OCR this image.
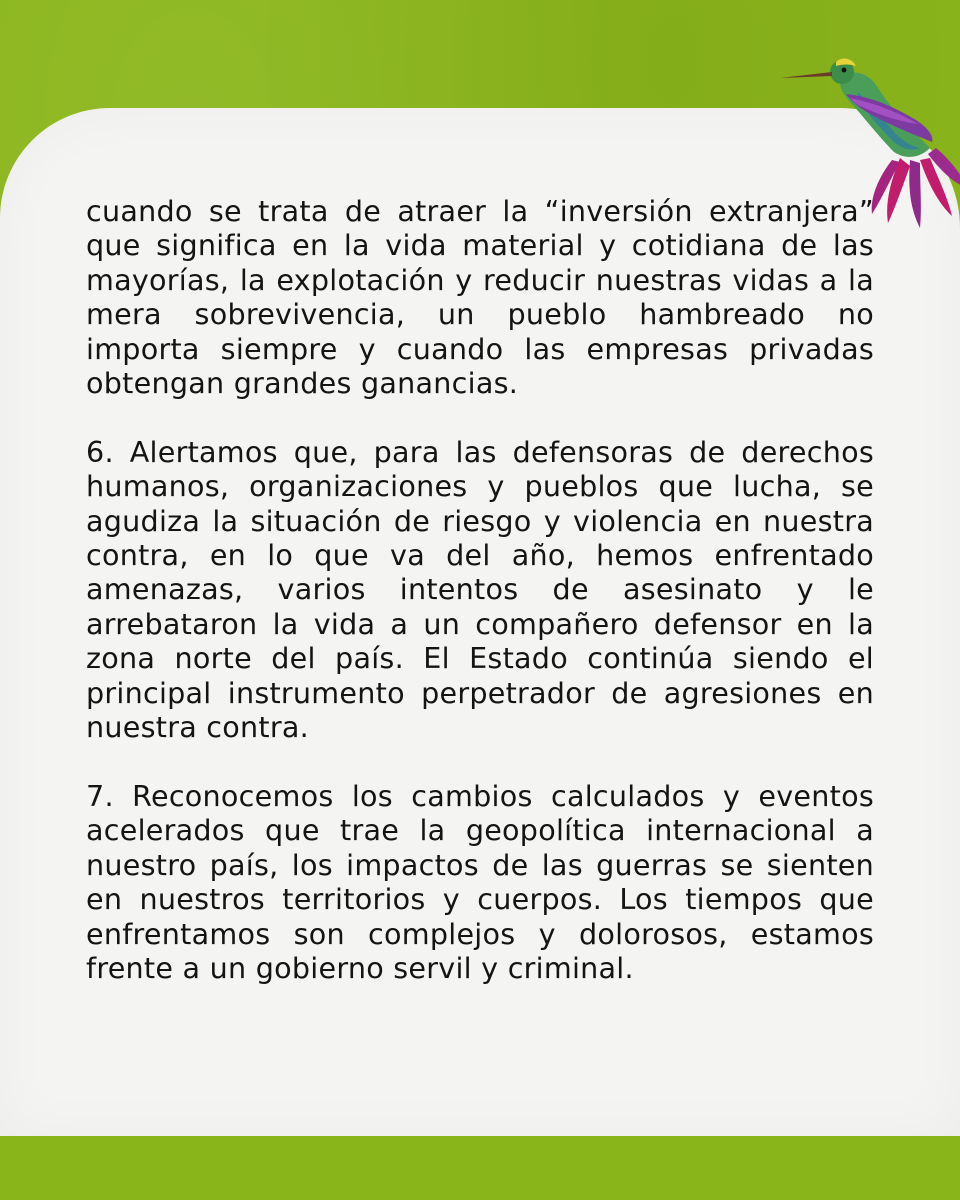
cuando se trata de atraer la “inversión extranjera” que significa en la vida material y cotidiana de las mayorías, la explotación y reducir nuestras vidas a la mera sobrevivencia, un pueblo hambreado no importa siempre y cuando las empresas privadas obtengan grandes ganancias.

6. Alertamos que, para las defensoras de derechos humanos, organizaciones y pueblos que lucha, se agudiza la situación de riesgo y violencia en nuestra contra, en lo que va del año, hemos enfrentado amenazas, varios intentos de asesinato y le arrebataron la vida a un compañero defensor en la zona norte del país. El Estado continúa siendo el principal instrumento perpetrador de agresiones en nuestra contra.

7. Reconocemos los cambios calculados y eventos acelerados que trae la geopolítica internacional a nuestro país, los impactos de las guerras se sienten en nuestros territorios y cuerpos. Los tiempos que enfrentamos son complejos y dolorosos, estamos frente a un gobierno servil y criminal.
